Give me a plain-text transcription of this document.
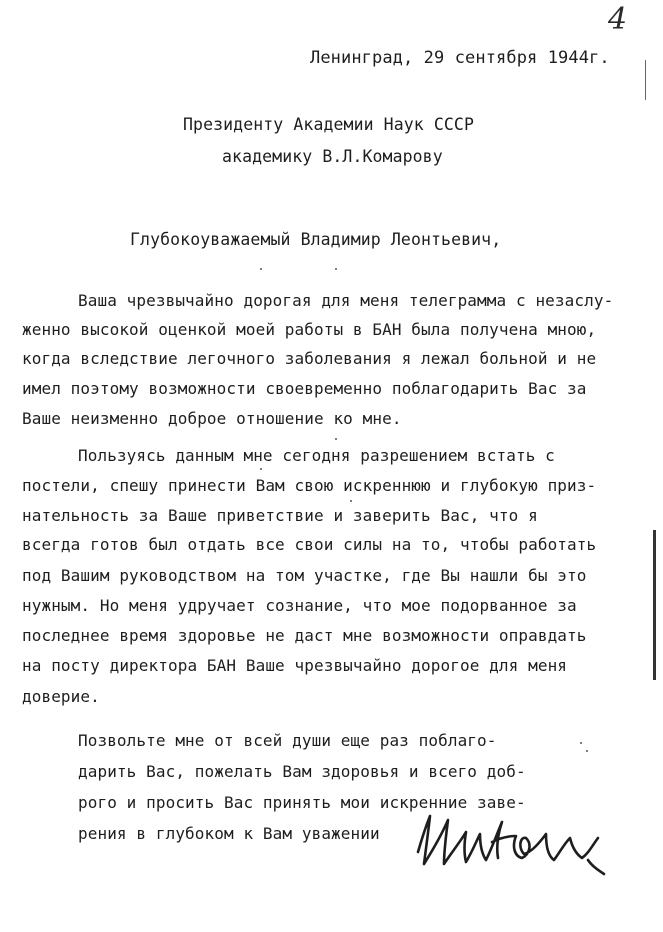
4

Ленинград, 29 сентября 1944г.

Президенту Академии Наук СССР

академику В.Л.Комарову

Глубокоуважаемый Владимир Леонтьевич,

Ваша чрезвычайно дорогая для меня телеграмма с незаслу-

женно высокой оценкой моей работы в БАН была получена мною,

когда вследствие легочного заболевания я лежал больной и не

имел поэтому возможности своевременно поблагодарить Вас за

Ваше неизменно доброе отношение ко мне.

Пользуясь данным мне сегодня разрешением встать с

постели, спешу принести Вам свою искреннюю и глубокую приз-

нательность за Ваше приветствие и заверить Вас, что я

всегда готов был отдать все свои силы на то, чтобы работать

под Вашим руководством на том участке, где Вы нашли бы это

нужным. Но меня удручает сознание, что мое подорванное за

последнее время здоровье не даст мне возможности оправдать

на посту директора БАН Ваше чрезвычайно дорогое для меня

доверие.

Позвольте мне от всей души еще раз поблаго-

дарить Вас, пожелать Вам здоровья и всего доб-

рого и просить Вас принять мои искренние заве-

рения в глубоком к Вам уважении
